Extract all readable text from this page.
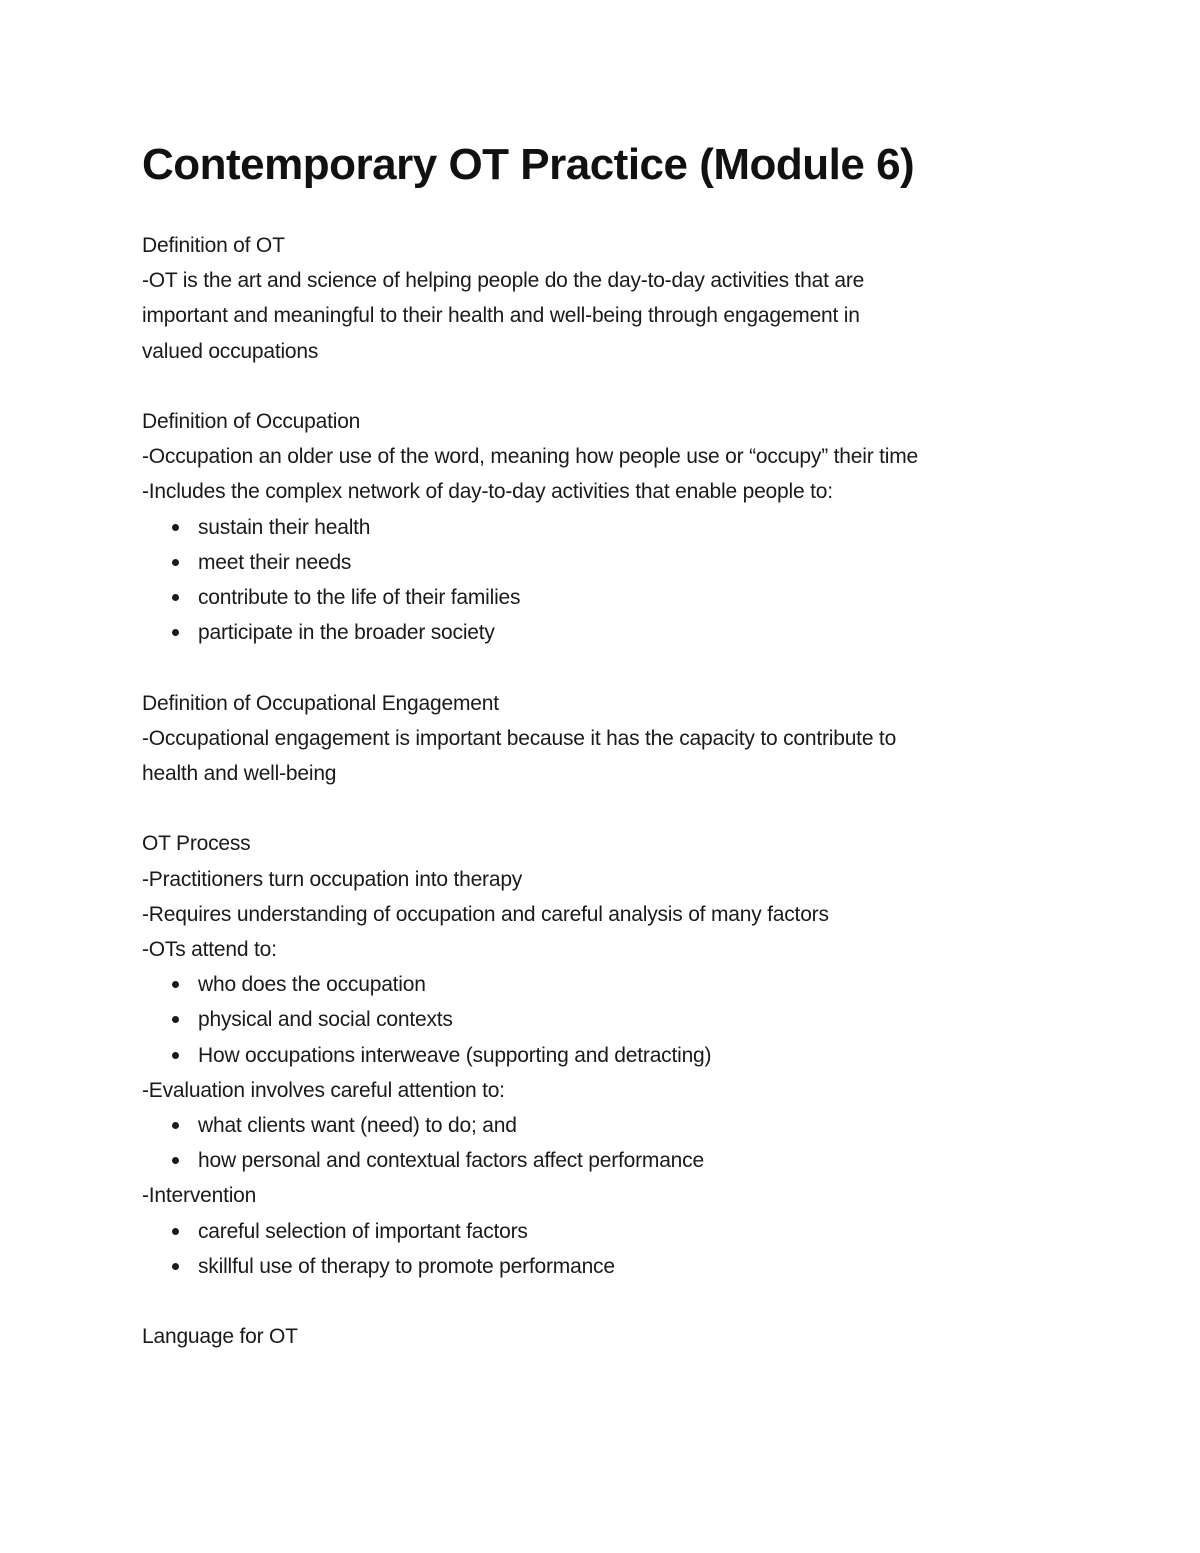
Contemporary OT Practice (Module 6)

Definition of OT

-OT is the art and science of helping people do the day-to-day activities that are

important and meaningful to their health and well-being through engagement in

valued occupations

Definition of Occupation

-Occupation an older use of the word, meaning how people use or “occupy” their time

-Includes the complex network of day-to-day activities that enable people to:

sustain their health
meet their needs
contribute to the life of their families
participate in the broader society

Definition of Occupational Engagement

-Occupational engagement is important because it has the capacity to contribute to

health and well-being

OT Process

-Practitioners turn occupation into therapy

-Requires understanding of occupation and careful analysis of many factors

-OTs attend to:

who does the occupation
physical and social contexts
How occupations interweave (supporting and detracting)

-Evaluation involves careful attention to:

what clients want (need) to do; and
how personal and contextual factors affect performance

-Intervention

careful selection of important factors
skillful use of therapy to promote performance

Language for OT
